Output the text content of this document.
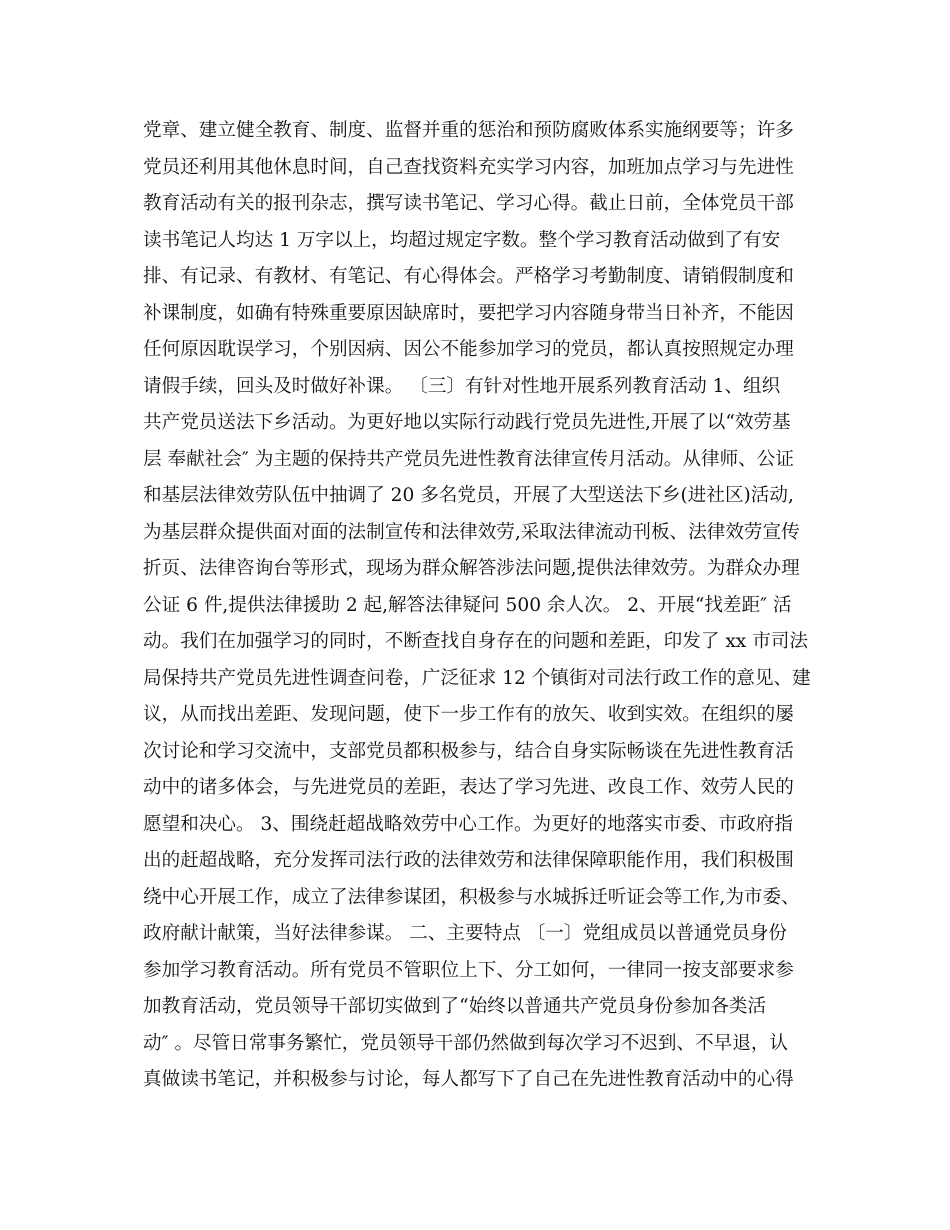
党章、建立健全教育、制度、监督并重的惩治和预防腐败体系实施纲要等；许多
党员还利用其他休息时间，自己查找资料充实学习内容，加班加点学习与先进性
教育活动有关的报刊杂志，撰写读书笔记、学习心得。截止日前，全体党员干部
读书笔记人均达 1 万字以上，均超过规定字数。整个学习教育活动做到了有安
排、有记录、有教材、有笔记、有心得体会。严格学习考勤制度、请销假制度和
补课制度，如确有特殊重要原因缺席时，要把学习内容随身带当日补齐，不能因
任何原因耽误学习，个别因病、因公不能参加学习的党员，都认真按照规定办理
请假手续，回头及时做好补课。 〔三〕有针对性地开展系列教育活动 1、组织
共产党员送法下乡活动。为更好地以实际行动践行党员先进性,开展了以“效劳基
层 奉献社会″ 为主题的保持共产党员先进性教育法律宣传月活动。从律师、公证
和基层法律效劳队伍中抽调了 20 多名党员，开展了大型送法下乡(进社区)活动,
为基层群众提供面对面的法制宣传和法律效劳,采取法律流动刊板、法律效劳宣传
折页、法律咨询台等形式，现场为群众解答涉法问题,提供法律效劳。为群众办理
公证 6 件,提供法律援助 2 起,解答法律疑问 500 余人次。 2、开展“找差距″ 活
动。我们在加强学习的同时，不断查找自身存在的问题和差距，印发了 xx 市司法
局保持共产党员先进性调查问卷，广泛征求 12 个镇街对司法行政工作的意见、建
议，从而找出差距、发现问题，使下一步工作有的放矢、收到实效。在组织的屡
次讨论和学习交流中，支部党员都积极参与，结合自身实际畅谈在先进性教育活
动中的诸多体会，与先进党员的差距，表达了学习先进、改良工作、效劳人民的
愿望和决心。 3、围绕赶超战略效劳中心工作。为更好的地落实市委、市政府指
出的赶超战略，充分发挥司法行政的法律效劳和法律保障职能作用，我们积极围
绕中心开展工作，成立了法律参谋团，积极参与水城拆迁听证会等工作,为市委、
政府献计献策，当好法律参谋。 二、主要特点 〔一〕党组成员以普通党员身份
参加学习教育活动。所有党员不管职位上下、分工如何，一律同一按支部要求参
加教育活动，党员领导干部切实做到了“始终以普通共产党员身份参加各类活
动″ 。尽管日常事务繁忙，党员领导干部仍然做到每次学习不迟到、不早退，认
真做读书笔记，并积极参与讨论，每人都写下了自己在先进性教育活动中的心得
